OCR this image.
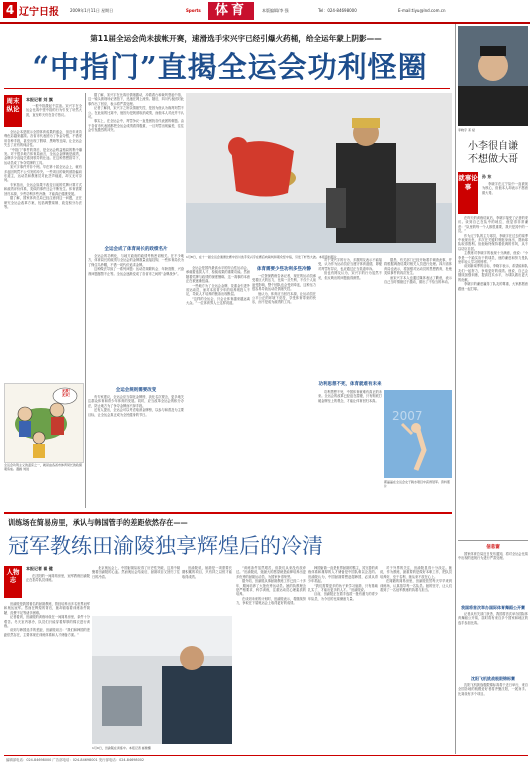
4 辽宁日报	2009年1月11日 星期日	Sports	体育	本版编辑/李 强	Tel：024-84698000	E-mail:tiyu@lnd.com.cn
第11届全运会尚未拔帐开赛，速滑选手宋兴宇已经引爆火药桶，给全运年蒙上阴影——
“中指门”直揭全运会功利怪圈
周末纵论
本报记者 刘 旗

一根中指激起千层浪。宋兴宇在全运会比赛中竖中指的行为引发了轩然大波，直至昨天仍在各方热议。

全运会本是展示全国体育成果的盛会，但近年来功利色彩越来越浓。各省市代表团为了争金夺银，不惜采用各种手段，甚至出现了假球、黑哨等丑闻，让全运会失去了应有的纯洁性。

“中指门”事件的背后，是全运会利益格局的集中爆发。对于很多地方体育局而言，全运会金牌就是政绩，金牌多少直接关系到领导的仕途。在这种思想指导下，运动员成了争夺奖牌的工具。

宋兴宇事件并非个例。早在第十届全运会上，就有多起因判罚不公引发的冲突。一些项目的裁判被指偏向东道主，运动员和教练员对此怨声载道，却又无可奈何。

专家指出，全运会如果不改变目前的奖牌计算方式和政绩评价体系，类似的事件还会不断发生。体育需要回归本源，少些功利多些冷静，才能真正健康发展。

据了解，国家体育总局已经注意到这一问题，正在研究全运会改革方案，包括调整赛制、改变积分办法等。

无敌！
无双！
全运会功利主义的温床之一，就是由各省市体育局长的政绩观造成。漫画 刘进

据了解，宋兴宇在比赛后情绪激动，冲着看台和裁判竖起中指，这一镜头被现场记者拍下，迅速在网上流传。随后，四川代表团对此事作出了回应，表示将严肃处理。

记者了解到，宋兴宇之所以情绪失控，是因为他认为裁判判罚不公。在此前的比赛中，他因为犯规被取消成绩，而他本人对此并不认可。

事实上，在全运会中，判罚争议一直是困扰各代表团的难题。由于各省市代表团都把全运会成绩看得极重，一旦判罚出现偏差，往往会引发激烈的冲突。

全运会成了体育局长的政绩名片

全运会的功利化，与地方政府的政绩考核密切相关。在不少地方，体育局长的政绩与全运会的金牌数量直接挂钩，一些体育局长为了保住乌纱帽，不惜一切代价追求金牌。

这种做法导致了一系列问题：运动员频繁转会、年龄造假、兴奋剂问题屡禁不止等。全运会逐渐变成了各省市之间的“金牌战争”。

全运会规则需要改变

有专家建议，全运会应当弱化金牌榜，淡化名次观念，更多地关注群众体育和青少年体育的发展。同时，应当改革全运会的积分办法，防止地方为了争夺金牌而不择手段。

还有人提出，全运会可以考虑取消金牌榜，以参与和普及为主要目标，让全运会真正成为全民健身的节日。

1月8日，在十一届全运会速滑比赛中四川选手宋兴宇在赛后向裁判和观众竖中指，引发了轩然大波。本报资料照片

全运会是国内最高水平的综合性运动会，承载着选拔人才、检阅成果的重要功能。然而随着奖牌与政绩的深度捆绑，这一赛事的本意正在被逐渐扭曲。

一些地方为了全运会金牌，花重金引进外省运动员，而对本省青少年的培养则投入不足，导致人才培养的链条出现断层。

“这样的全运会，只会让体育越来越远离大众。”一位体育界人士这样说道。

体育需要少些功利多些冷静

一位资深教练告诉记者，现在的运动员承受着巨大的压力，比赛一旦失利，不仅个人前途受影响，整个团队也会受到牵连，这种压力很容易导致运动员情绪失控。

他认为，体育应当回归本源，让运动员在公平公正的环境下竞技，享受体育带来的快乐，而不是成为政绩的工具。

对于宋兴宇的行为，多数网友表示不能接受，认为作为运动员应当遵守体育道德，即便对判罚有异议，也应通过正当渠道申诉。

但也有网友认为，宋兴宇的行为虽然不妥，但反映出的问题值得深思。

功利思想不死，体育就难有未来

功利思想不死，中国体育就难有真正的未来。全运会的改革已经迫在眉睫，只有彻底打破金牌至上的观念，才能让体育回归本真。

据悉，有关部门已经开始着手调查此事，并将根据调查结果对相关人员进行处理。四川省体育局也表示，将加强对运动员的思想教育，杜绝类似事件的再次发生。

而宋兴宇本人也通过媒体表达了歉意，表示自己当时情绪过于激动，做出了不恰当的举动。

2007
郭晶晶在全运会女子跳水项目中获得冠军。资料照片
李晓宇 邓 斌
小李很自谦
不想做大哥
就事论事
孙 东

李晓宇在辽宁队中一直被视为核心，但他本人却表示不愿意做大哥。

在昨天的训练结束后，李晓宇接受了记者的采访。谈到自己在队中的地位，他显得非常谦虚：“队里的每一个人都很重要，我只是其中的一员。”

作为辽宁队的主力球员，李晓宇在过去的赛季中表现出色，多次在关键时刻挺身而出，帮助球队取得胜利。但他始终保持着低调的作风，从不以功臣自居。

主教练对李晓宇的表现十分满意，他说：“小李是一个踏实肯干的球员，他的谦虚和努力是队里年轻人学习的榜样。”

谈到新赛季的目标，李晓宇表示，希望能和队友们一起努力，争取更好的成绩。他说，自己会继续加强训练，提高技术水平，为球队做出更大的贡献。

李晓宇的谦虚赢得了队友的尊重，大家都愿意跟他一起打球。

信息窗

国家体育总局近日发布通知，将对全运会比赛中出现的违规行为进行严肃处理。

我国将首次举办国际体育舞蹈公开赛

记者从有关部门获悉，我国将首次举办国际体育舞蹈公开赛，届时将有来自多个国家和地区的选手参加比赛。

沈阳飞机挑战极限锦标赛

沈阳飞机挑战极限锦标赛将于近日举行，来自全国各地的航模爱好者将齐聚沈阳，一展身手。比赛设有多个项目。

训练场在简易房里，承认与韩国管手的差距依然存在——
冠军教练田渝陵独享辉煌后的冷清
人物志
本报记者 崔 健

在沈阳的一间简易房里，冠军教练田渝陵正在指导队员训练。

田渝陵是我国著名的射箭教练，曾经培养出多名世界冠军和奥运冠军。然而在辉煌的背后，她却面临着训练条件简陋、经费不足等诸多困难。

记者看到，田渝陵的训练场设在一间简易房里，条件十分艰苦。冬天室内寒冷，队员们只能穿着厚厚的棉衣进行训练。

谈到与韩国选手的差距，田渝陵坦言：“我们和韩国的差距依然存在，主要体现在训练体系和人才储备方面。”

北京奥运会上，中国射箭队取得了历史性突破，这其中凝聚着田渝陵的心血。然而奥运会结束后，射箭项目又回归了往日的冷清。

1月9日，田渝陵在训练中。本报记者 崔健摄

田渝陵说，射箭是一项需要长期积累的项目，只有持之以恒才能取得成绩。

“训练条件虽然艰苦，但我们从来没有放弃过。”田渝陵说，她最大的愿望就是能够培养出更多优秀的射箭运动员，为国家争得荣誉。

据介绍，田渝陵从事射箭教练工作已经二十多年，期间培养了大批优秀运动员。她的执教理念是严格要求、科学训练，注重运动员心理素质的培养。

在谈到未来的计划时，田渝陵表示，将继续努力，争取在下届奥运会上取得更好的成绩。

韩国射箭一直是世界射箭的霸主，其完善的训练体系和雄厚的人才储备是中国队难以企及的。田渝陵认为，中国射箭要想赶超韩国，必须从青少年抓起。

“我们需要更多的孩子来学习射箭，只有基础扎实了，才能出更多的人才。”田渝陵说。

目前，田渝陵正在着手选拔一批有潜力的青少年队员，为今后的比赛储备力量。

对于外界的关注，田渝陵显得十分淡定。她说，作为教练，最重要的是做好本职工作，把队员培养好，至于名利，她从来不放在心上。

在简陋的简易房里，田渝陵依然每天早早来到训练场，认真指导每一名队员。她的坚守，让人们看到了一名冠军教练的执着与担当。

编辑部电话：024-84698000 广告部电话：024-84698001 发行部电话：024-84698002
